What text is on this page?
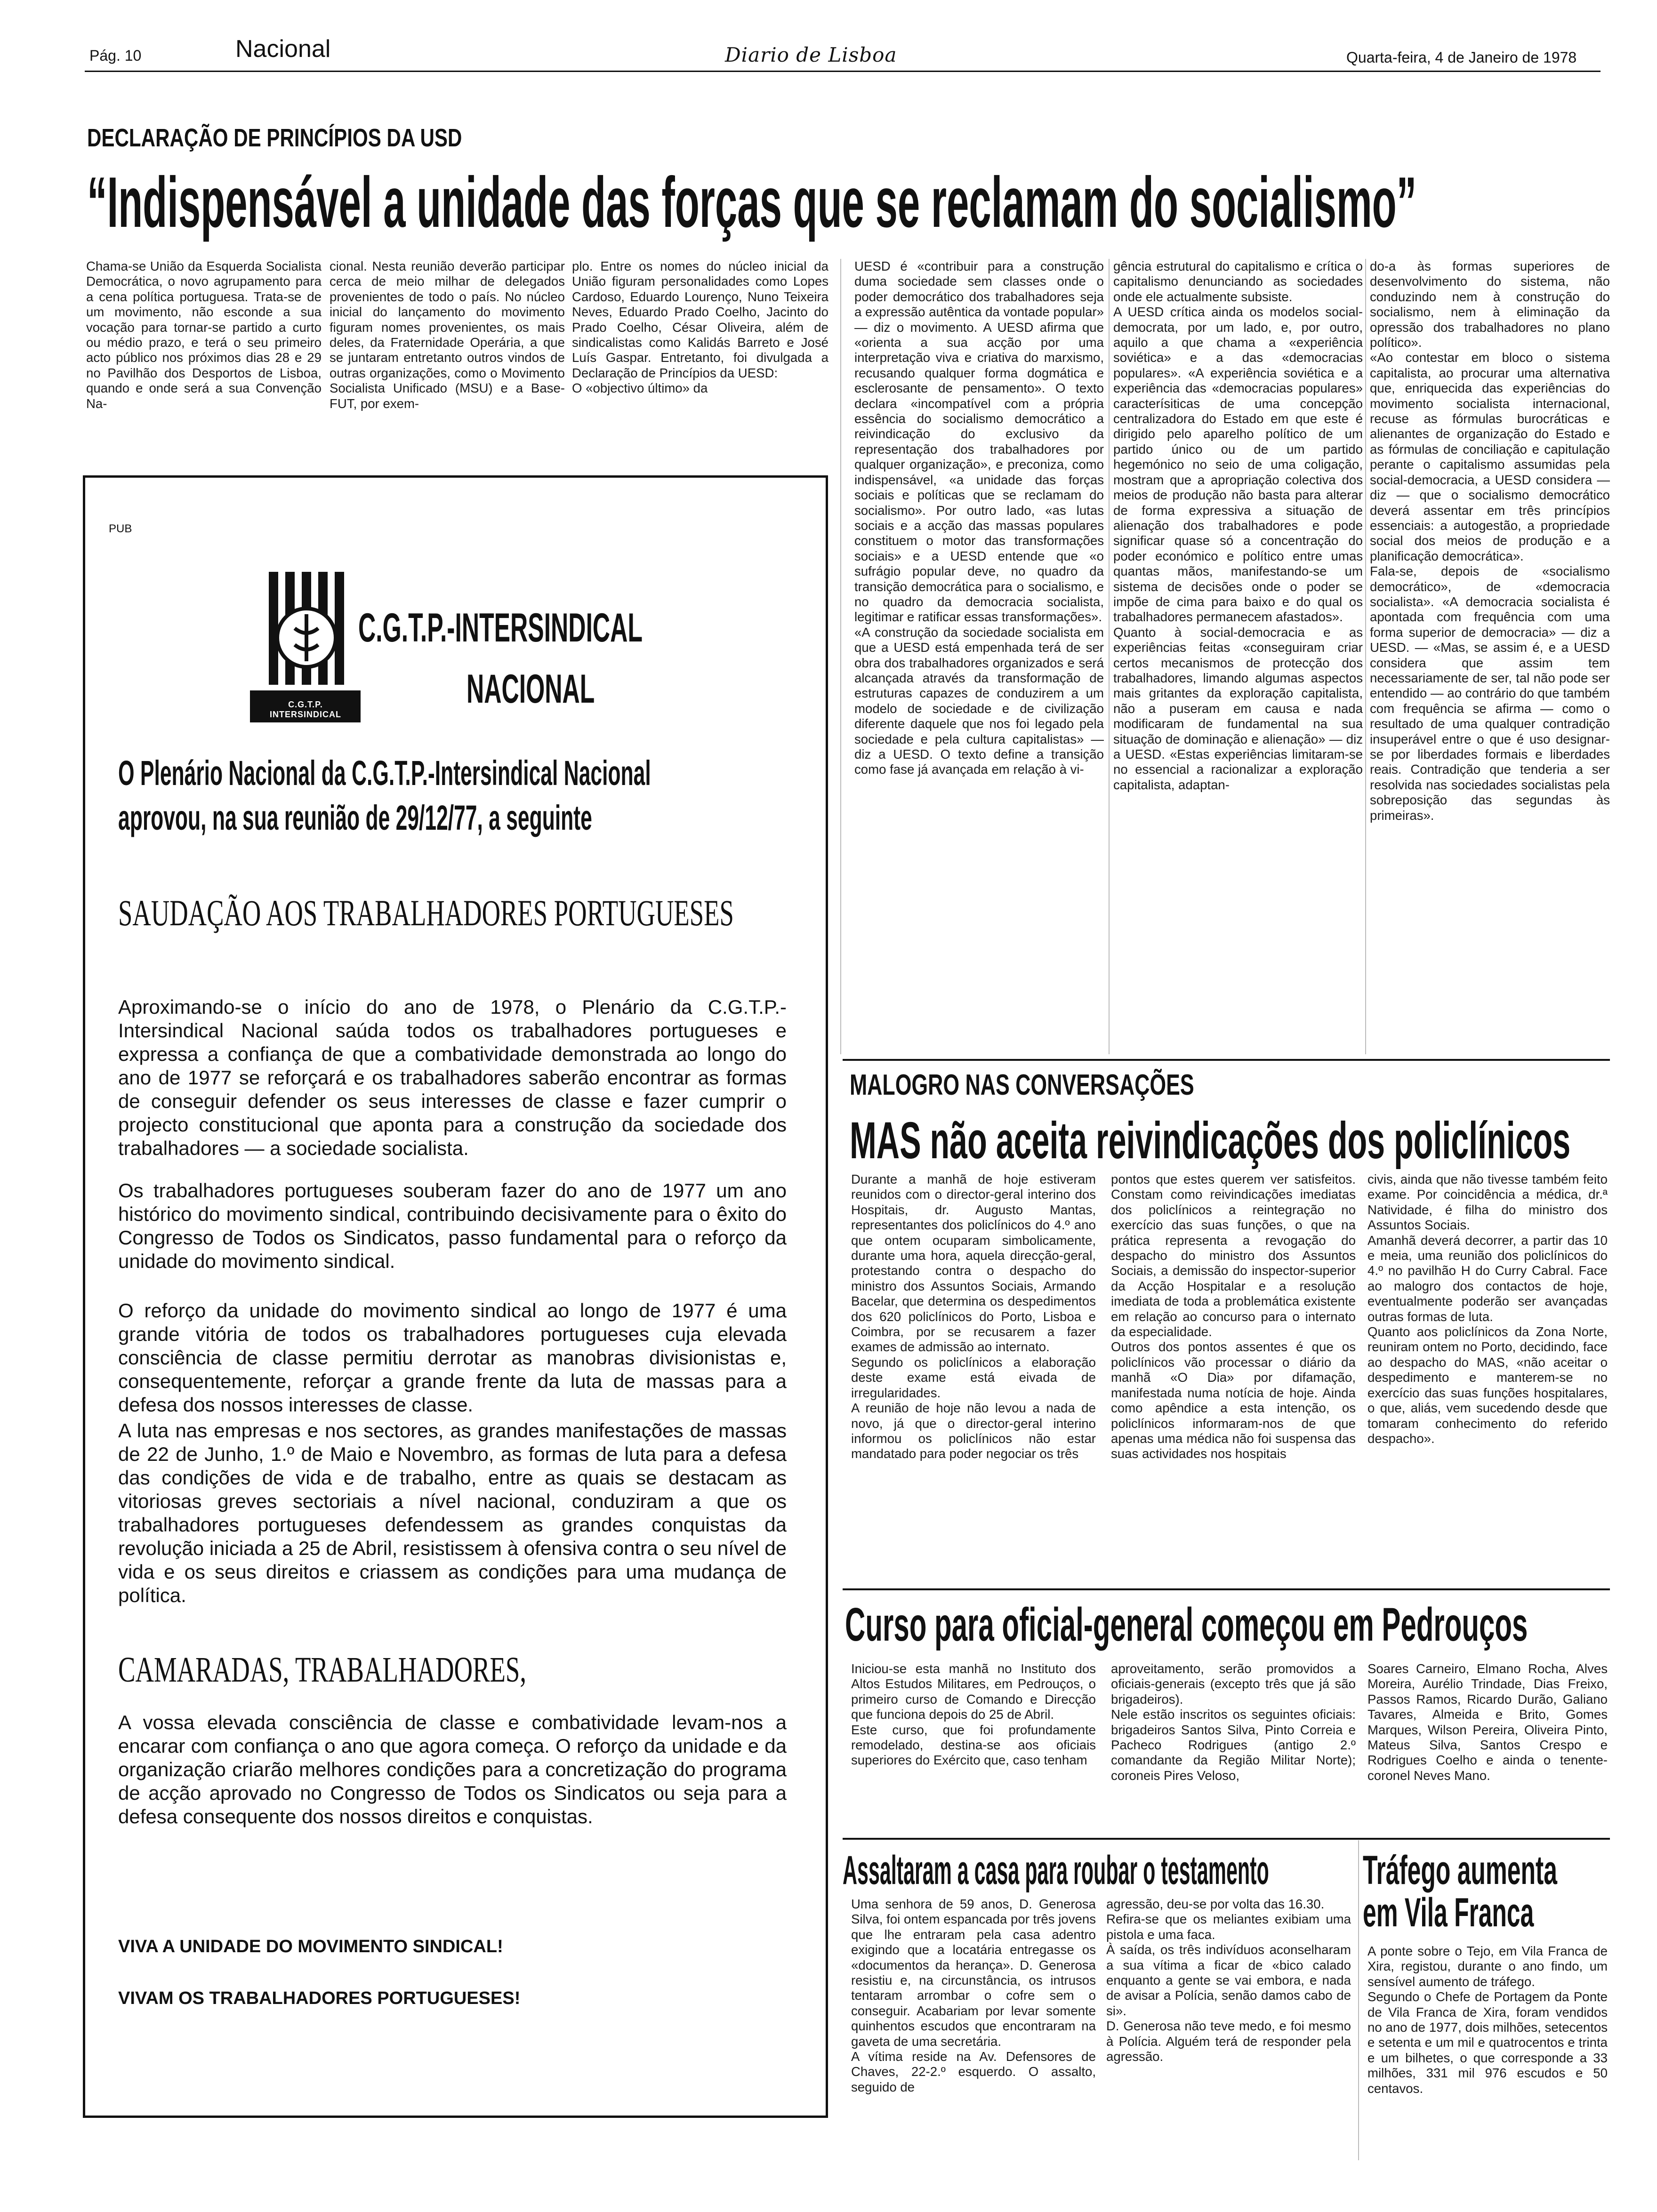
Pág. 10	Nacional	Diario de Lisboa	Quarta-feira, 4 de Janeiro de 1978
DECLARAÇÃO DE PRINCÍPIOS DA USD
“Indispensável a unidade das forças que se reclamam do socialismo”
Chama-se União da Esquerda Socialista Democrática, o novo agrupamento para a cena política portuguesa. Trata-se de um movimento, não esconde a sua vocação para tornar-se partido a curto ou médio prazo, e terá o seu primeiro acto público nos próximos dias 28 e 29 no Pavilhão dos Desportos de Lisboa, quando e onde será a sua Convenção Na-
cional. Nesta reunião deverão participar cerca de meio milhar de delegados provenientes de todo o país. No núcleo inicial do lançamento do movimento figuram nomes provenientes, os mais deles, da Fraternidade Operária, a que se juntaram entretanto outros vindos de outras organizações, como o Movimento Socialista Unificado (MSU) e a Base-FUT, por exem-
plo. Entre os nomes do núcleo inicial da União figuram personalidades como Lopes Cardoso, Eduardo Lourenço, Nuno Teixeira Neves, Eduardo Prado Coelho, Jacinto do Prado Coelho, César Oliveira, além de sindicalistas como Kalidás Barreto e José Luís Gaspar. Entretanto, foi divulgada a Declaração de Princípios da UESD:
O «objectivo último» da
UESD é «contribuir para a construção duma sociedade sem classes onde o poder democrático dos trabalhadores seja a expressão autêntica da vontade popular» — diz o movimento. A UESD afirma que «orienta a sua acção por uma interpretação viva e criativa do marxismo, recusando qualquer forma dogmática e esclerosante de pensamento». O texto declara «incompatível com a própria essência do socialismo democrático a reivindicação do exclusivo da representação dos trabalhadores por qualquer organização», e preconiza, como indispensável, «a unidade das forças sociais e políticas que se reclamam do socialismo». Por outro lado, «as lutas sociais e a acção das massas populares constituem o motor das transformações sociais» e a UESD entende que «o sufrágio popular deve, no quadro da transição democrática para o socialismo, e no quadro da democracia socialista, legitimar e ratificar essas transformações».
«A construção da sociedade socialista em que a UESD está empenhada terá de ser obra dos trabalhadores organizados e será alcançada através da transformação de estruturas capazes de conduzirem a um modelo de sociedade e de civilização diferente daquele que nos foi legado pela sociedade e pela cultura capitalistas» — diz a UESD. O texto define a transição como fase já avançada em relação à vi-
gência estrutural do capitalismo e crítica o capitalismo denunciando as sociedades onde ele actualmente subsiste.
A UESD crítica ainda os modelos social-democrata, por um lado, e, por outro, aquilo a que chama a «experiência soviética» e a das «democracias populares». «A experiência soviética e a experiência das «democracias populares» caracterísiticas de uma concepção centralizadora do Estado em que este é dirigido pelo aparelho político de um partido único ou de um partido hegemónico no seio de uma coligação, mostram que a apropriação colectiva dos meios de produção não basta para alterar de forma expressiva a situação de alienação dos trabalhadores e pode significar quase só a concentração do poder económico e político entre umas quantas mãos, manifestando-se um sistema de decisões onde o poder se impõe de cima para baixo e do qual os trabalhadores permanecem afastados».
Quanto à social-democracia e as experiências feitas «conseguiram criar certos mecanismos de protecção dos trabalhadores, limando algumas aspectos mais gritantes da exploração capitalista, não a puseram em causa e nada modificaram de fundamental na sua situação de dominação e alienação» — diz a UESD. «Estas experiências limitaram-se no essencial a racionalizar a exploração capitalista, adaptan-
do-a às formas superiores de desenvolvimento do sistema, não conduzindo nem à construção do socialismo, nem à eliminação da opressão dos trabalhadores no plano político».
«Ao contestar em bloco o sistema capitalista, ao procurar uma alternativa que, enriquecida das experiências do movimento socialista internacional, recuse as fórmulas burocráticas e alienantes de organização do Estado e as fórmulas de conciliação e capitulação perante o capitalismo assumidas pela social-democracia, a UESD considera — diz — que o socialismo democrático deverá assentar em três princípios essenciais: a autogestão, a propriedade social dos meios de produção e a planificação democrática».
Fala-se, depois de «socialismo democrático», de «democracia socialista». «A democracia socialista é apontada com frequência com uma forma superior de democracia» — diz a UESD. — «Mas, se assim é, e a UESD considera que assim tem necessariamente de ser, tal não pode ser entendido — ao contrário do que também com frequência se afirma — como o resultado de uma qualquer contradição insuperável entre o que é uso designar-se por liberdades formais e liberdades reais. Contradição que tenderia a ser resolvida nas sociedades socialistas pela sobreposição das segundas às primeiras».
PUB
C.G.T.P. INTERSINDICAL
C.G.T.P.-INTERSINDICAL
NACIONAL
O Plenário Nacional da C.G.T.P.-Intersindical Nacional
aprovou, na sua reunião de 29/12/77, a seguinte
SAUDAÇÃO AOS TRABALHADORES PORTUGUESES
Aproximando-se o início do ano de 1978, o Plenário da C.G.T.P.-Intersindical Nacional saúda todos os trabalhadores portugueses e expressa a confiança de que a combatividade demonstrada ao longo do ano de 1977 se reforçará e os trabalhadores saberão encontrar as formas de conseguir defender os seus interesses de classe e fazer cumprir o projecto constitucional que aponta para a construção da sociedade dos trabalhadores — a sociedade socialista.
Os trabalhadores portugueses souberam fazer do ano de 1977 um ano histórico do movimento sindical, contribuindo decisivamente para o êxito do Congresso de Todos os Sindicatos, passo fundamental para o reforço da unidade do movimento sindical.
O reforço da unidade do movimento sindical ao longo de 1977 é uma grande vitória de todos os trabalhadores portugueses cuja elevada consciência de classe permitiu derrotar as manobras divisionistas e, consequentemente, reforçar a grande frente da luta de massas para a defesa dos nossos interesses de classe.
A luta nas empresas e nos sectores, as grandes manifestações de massas de 22 de Junho, 1.º de Maio e Novembro, as formas de luta para a defesa das condições de vida e de trabalho, entre as quais se destacam as vitoriosas greves sectoriais a nível nacional, conduziram a que os trabalhadores portugueses defendessem as grandes conquistas da revolução iniciada a 25 de Abril, resistissem à ofensiva contra o seu nível de vida e os seus direitos e criassem as condições para uma mudança de política.
CAMARADAS, TRABALHADORES,
A vossa elevada consciência de classe e combatividade levam-nos a encarar com confiança o ano que agora começa. O reforço da unidade e da organização criarão melhores condições para a concretização do programa de acção aprovado no Congresso de Todos os Sindicatos ou seja para a defesa consequente dos nossos direitos e conquistas.
VIVA A UNIDADE DO MOVIMENTO SINDICAL!
VIVAM OS TRABALHADORES PORTUGUESES!
MALOGRO NAS CONVERSAÇÕES
MAS não aceita reivindicações dos policlínicos
Durante a manhã de hoje estiveram reunidos com o director-geral interino dos Hospitais, dr. Augusto Mantas, representantes dos policlínicos do 4.º ano que ontem ocuparam simbolicamente, durante uma hora, aquela direcção-geral, protestando contra o despacho do ministro dos Assuntos Sociais, Armando Bacelar, que determina os despedimentos dos 620 policlínicos do Porto, Lisboa e Coimbra, por se recusarem a fazer exames de admissão ao internato.
Segundo os policlínicos a elaboração deste exame está eivada de irregularidades.
A reunião de hoje não levou a nada de novo, já que o director-geral interino informou os policlínicos não estar mandatado para poder negociar os três
pontos que estes querem ver satisfeitos. Constam como reivindicações imediatas dos policlínicos a reintegração no exercício das suas funções, o que na prática representa a revogação do despacho do ministro dos Assuntos Sociais, a demissão do inspector-superior da Acção Hospitalar e a resolução imediata de toda a problemática existente em relação ao concurso para o internato da especialidade.
Outros dos pontos assentes é que os policlínicos vão processar o diário da manhã «O Dia» por difamação, manifestada numa notícia de hoje. Ainda como apêndice a esta intenção, os policlínicos informaram-nos de que apenas uma médica não foi suspensa das suas actividades nos hospitais
civis, ainda que não tivesse também feito exame. Por coincidência a médica, dr.ª Natividade, é filha do ministro dos Assuntos Sociais.
Amanhã deverá decorrer, a partir das 10 e meia, uma reunião dos policlínicos do 4.º no pavilhão H do Curry Cabral. Face ao malogro dos contactos de hoje, eventualmente poderão ser avançadas outras formas de luta.
Quanto aos policlínicos da Zona Norte, reuniram ontem no Porto, decidindo, face ao despacho do MAS, «não aceitar o despedimento e manterem-se no exercício das suas funções hospitalares, o que, aliás, vem sucedendo desde que tomaram conhecimento do referido despacho».
Curso para oficial-general começou em Pedrouços
Iniciou-se esta manhã no Instituto dos Altos Estudos Militares, em Pedrouços, o primeiro curso de Comando e Direcção que funciona depois do 25 de Abril.
Este curso, que foi profundamente remodelado, destina-se aos oficiais superiores do Exército que, caso tenham
aproveitamento, serão promovidos a oficiais-generais (excepto três que já são brigadeiros).
Nele estão inscritos os seguintes oficiais: brigadeiros Santos Silva, Pinto Correia e Pacheco Rodrigues (antigo 2.º comandante da Região Militar Norte); coroneis Pires Veloso,
Soares Carneiro, Elmano Rocha, Alves Moreira, Aurélio Trindade, Dias Freixo, Passos Ramos, Ricardo Durão, Galiano Tavares, Almeida e Brito, Gomes Marques, Wilson Pereira, Oliveira Pinto, Mateus Silva, Santos Crespo e Rodrigues Coelho e ainda o tenente-coronel Neves Mano.
Assaltaram a casa para roubar o testamento
Uma senhora de 59 anos, D. Generosa Silva, foi ontem espancada por três jovens que lhe entraram pela casa adentro exigindo que a locatária entregasse os «documentos da herança». D. Generosa resistiu e, na circunstância, os intrusos tentaram arrombar o cofre sem o conseguir. Acabariam por levar somente quinhentos escudos que encontraram na gaveta de uma secretária.
A vítima reside na Av. Defensores de Chaves, 22-2.º esquerdo. O assalto, seguido de
agressão, deu-se por volta das 16.30.
Refira-se que os meliantes exibiam uma pistola e uma faca.
À saída, os três indivíduos aconselharam a sua vítima a ficar de «bico calado enquanto a gente se vai embora, e nada de avisar a Polícia, senão damos cabo de si».
D. Generosa não teve medo, e foi mesmo à Polícia. Alguém terá de responder pela agressão.
Tráfego aumenta
em Vila Franca
A ponte sobre o Tejo, em Vila Franca de Xira, registou, durante o ano findo, um sensível aumento de tráfego.
Segundo o Chefe de Portagem da Ponte de Vila Franca de Xira, foram vendidos no ano de 1977, dois milhões, setecentos e setenta e um mil e quatrocentos e trinta e um bilhetes, o que corresponde a 33 milhões, 331 mil 976 escudos e 50 centavos.
